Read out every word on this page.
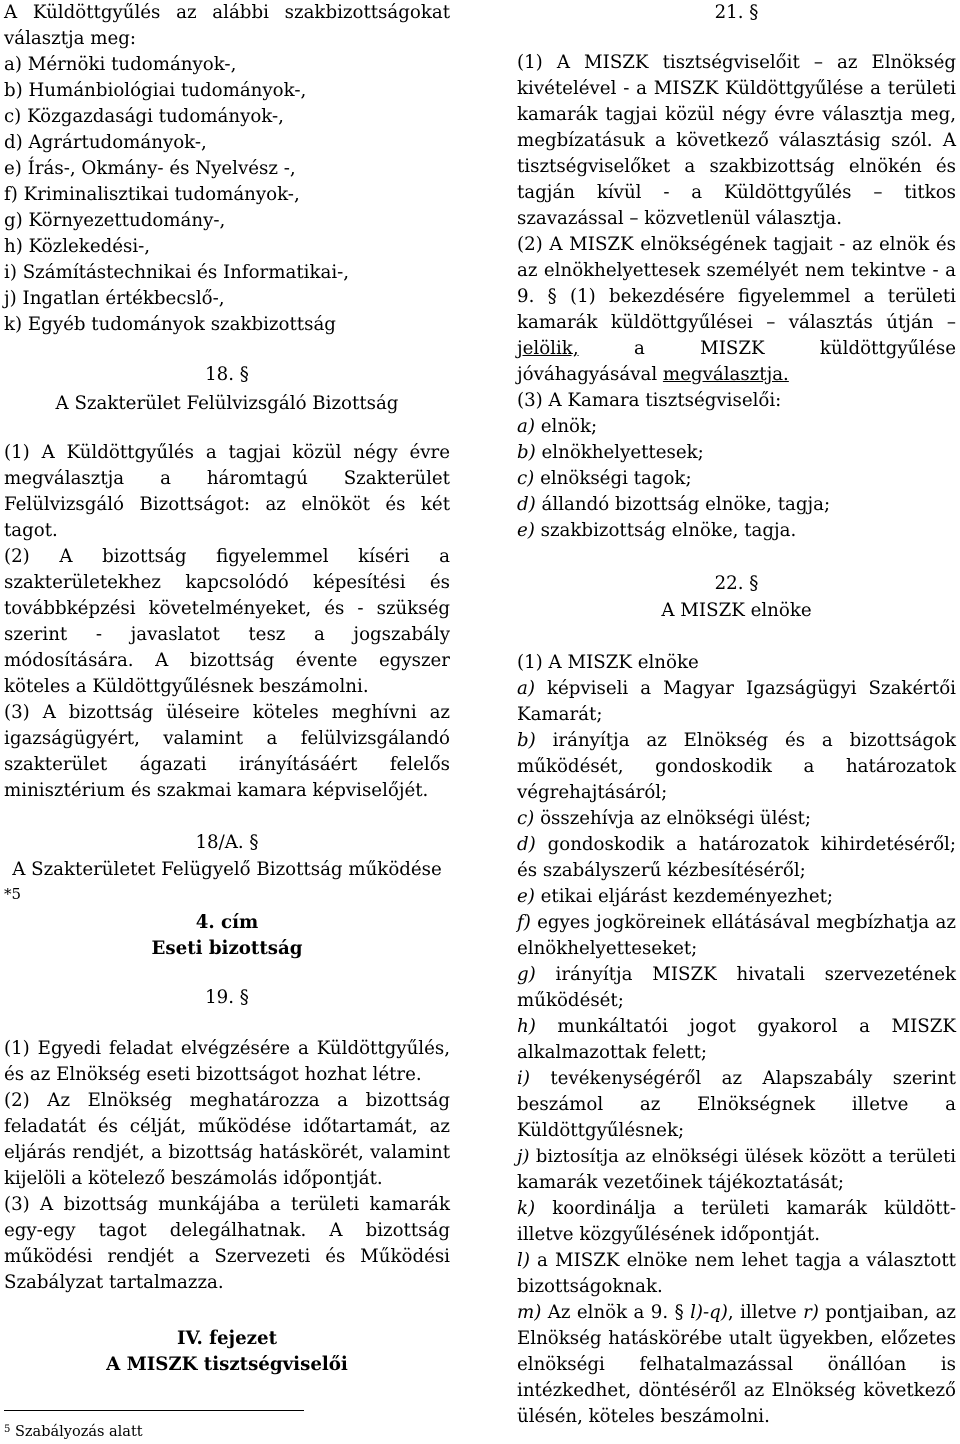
A Küldöttgyűlés az alábbi szakbizottságokat
választja meg:
a) Mérnöki tudományok-,
b) Humánbiológiai tudományok-,
c) Közgazdasági tudományok-,
d) Agrártudományok-,
e) Írás-, Okmány- és Nyelvész -,
f) Kriminalisztikai tudományok-,
g) Környezettudomány-,
h) Közlekedési-,
i) Számítástechnikai és Informatikai-,
j) Ingatlan értékbecslő-,
k) Egyéb tudományok szakbizottság
18. §
A Szakterület Felülvizsgáló Bizottság
(1) A Küldöttgyűlés a tagjai közül négy évre
megválasztja a háromtagú Szakterület
Felülvizsgáló Bizottságot: az elnököt és két
tagot.
(2) A bizottság figyelemmel kíséri a
szakterületekhez kapcsolódó képesítési és
továbbképzési követelményeket, és - szükség
szerint - javaslatot tesz a jogszabály
módosítására. A bizottság évente egyszer
köteles a Küldöttgyűlésnek beszámolni.
(3) A bizottság üléseire köteles meghívni az
igazságügyért, valamint a felülvizsgálandó
szakterület ágazati irányításáért felelős
minisztérium és szakmai kamara képviselőjét.
18/A. §
A Szakterületet Felügyelő Bizottság működése
*5
4. cím
Eseti bizottság
19. §
(1) Egyedi feladat elvégzésére a Küldöttgyűlés,
és az Elnökség eseti bizottságot hozhat létre.
(2) Az Elnökség meghatározza a bizottság
feladatát és célját, működése időtartamát, az
eljárás rendjét, a bizottság hatáskörét, valamint
kijelöli a kötelező beszámolás időpontját.
(3) A bizottság munkájába a területi kamarák
egy-egy tagot delegálhatnak. A bizottság
működési rendjét a Szervezeti és Működési
Szabályzat tartalmazza.
IV. fejezet
A MISZK tisztségviselői
21. §
(1) A MISZK tisztségviselőit – az Elnökség
kivételével - a MISZK Küldöttgyűlése a területi
kamarák tagjai közül négy évre választja meg,
megbízatásuk a következő választásig szól. A
tisztségviselőket a szakbizottság elnökén és
tagján kívül - a Küldöttgyűlés – titkos
szavazással – közvetlenül választja.
(2) A MISZK elnökségének tagjait - az elnök és
az elnökhelyettesek személyét nem tekintve - a
9. § (1) bekezdésére figyelemmel a területi
kamarák küldöttgyűlései – választás útján –
jelölik,	a MISZK küldöttgyűlése
jóváhagyásával megválasztja.
(3) A Kamara tisztségviselői:
a) elnök;
b) elnökhelyettesek;
c) elnökségi tagok;
d) állandó bizottság elnöke, tagja;
e) szakbizottság elnöke, tagja.
22. §
A MISZK elnöke
(1) A MISZK elnöke
a) képviseli a Magyar Igazságügyi Szakértői
Kamarát;
b) irányítja az Elnökség és a bizottságok
működését, gondoskodik a határozatok
végrehajtásáról;
c) összehívja az elnökségi ülést;
d) gondoskodik a határozatok kihirdetéséről;
és szabályszerű kézbesítéséről;
e) etikai eljárást kezdeményezhet;
f) egyes jogköreinek ellátásával megbízhatja az
elnökhelyetteseket;
g) irányítja MISZK hivatali szervezetének
működését;
h) munkáltatói jogot gyakorol a MISZK
alkalmazottak felett;
i) tevékenységéről az Alapszabály szerint
beszámol az Elnökségnek illetve a
Küldöttgyűlésnek;
j) biztosítja az elnökségi ülések között a területi
kamarák vezetőinek tájékoztatását;
k) koordinálja a területi kamarák küldött-
illetve közgyűlésének időpontját.
l) a MISZK elnöke nem lehet tagja a választott
bizottságoknak.
m) Az elnök a 9. § l)-q), illetve r) pontjaiban, az
Elnökség hatáskörébe utalt ügyekben, előzetes
elnökségi felhatalmazással önállóan is
intézkedhet, döntéséről az Elnökség következő
ülésén, köteles beszámolni.
$^5$ Szabályozás alatt
